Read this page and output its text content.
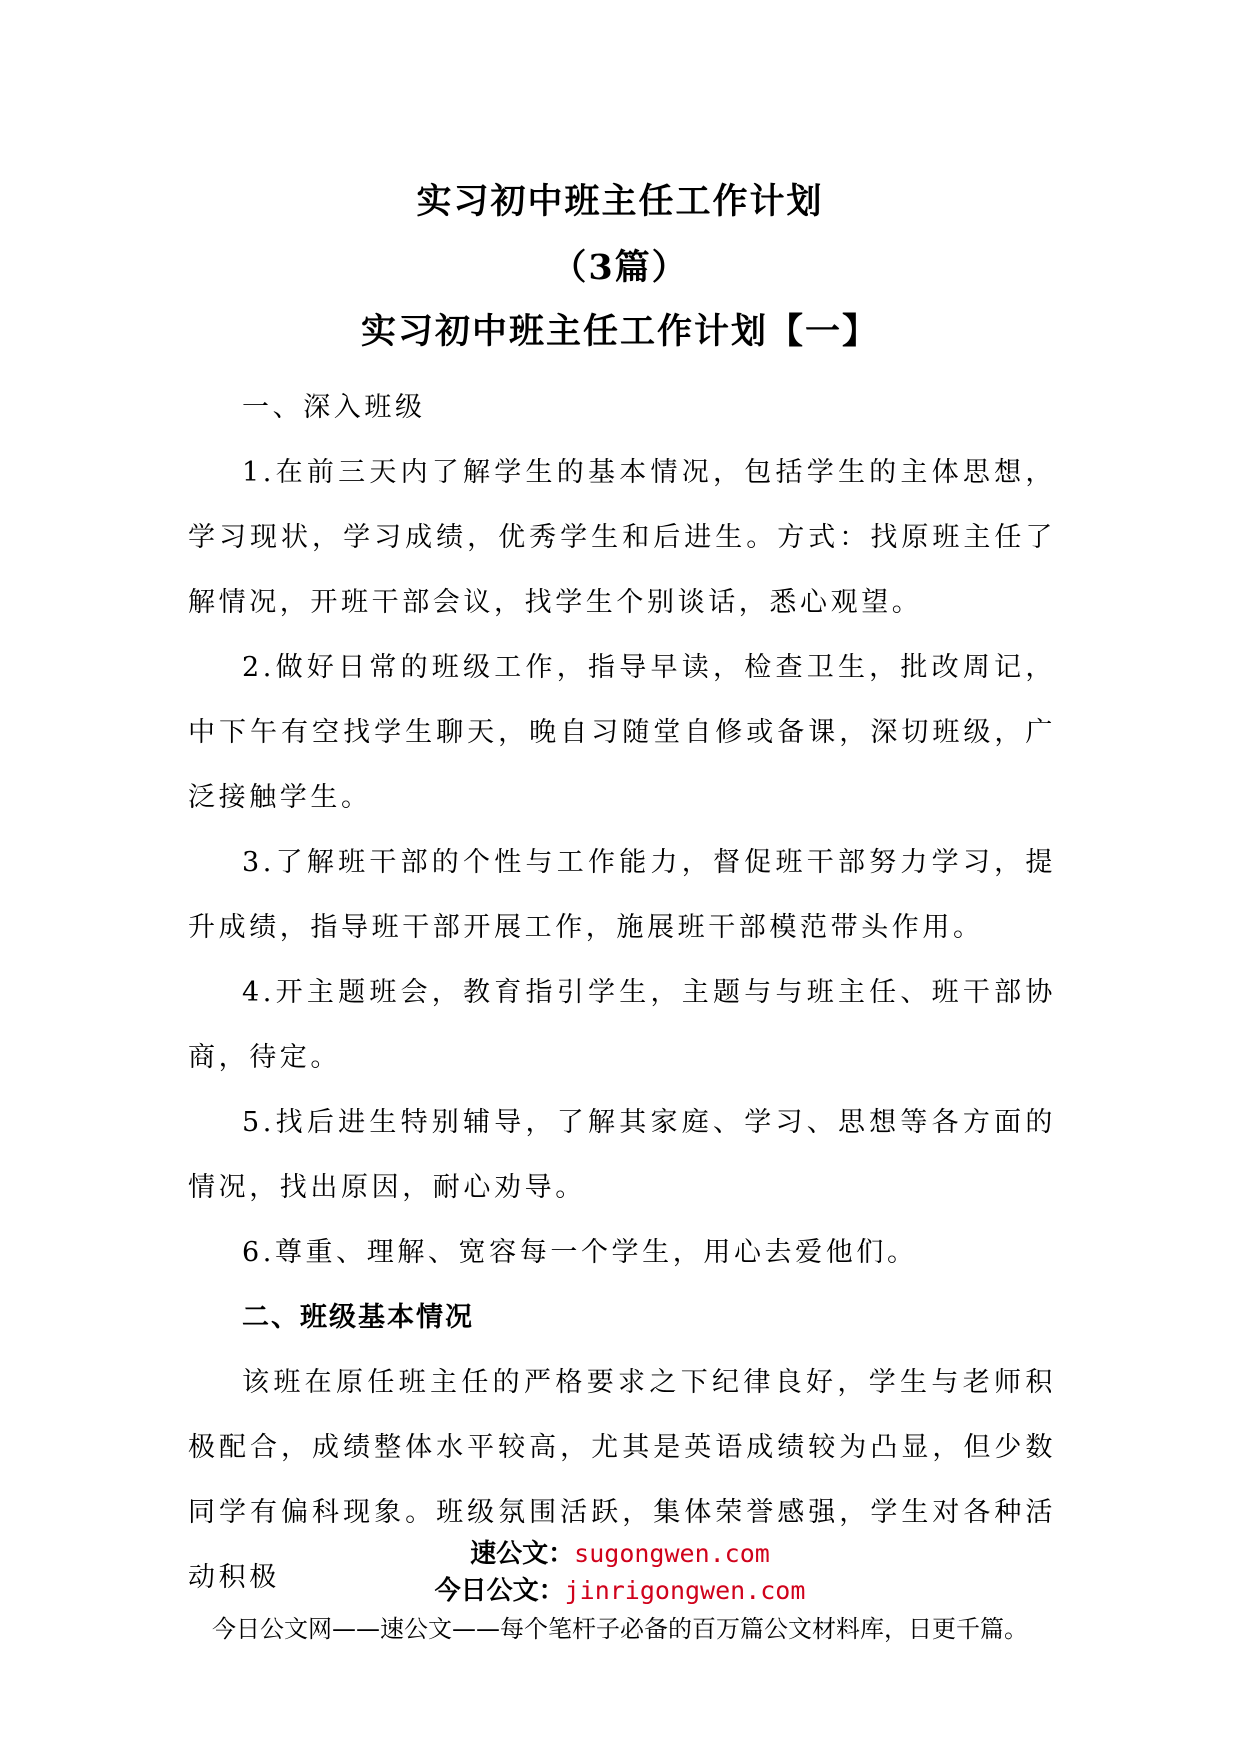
实习初中班主任工作计划
（3篇）
实习初中班主任工作计划【一】

一、深入班级

1.在前三天内了解学生的基本情况，包括学生的主体思想，学习现状，学习成绩，优秀学生和后进生。方式：找原班主任了解情况，开班干部会议，找学生个别谈话，悉心观望。

2.做好日常的班级工作，指导早读，检查卫生，批改周记，中下午有空找学生聊天，晚自习随堂自修或备课，深切班级，广泛接触学生。

3.了解班干部的个性与工作能力，督促班干部努力学习，提升成绩，指导班干部开展工作，施展班干部模范带头作用。

4.开主题班会，教育指引学生，主题与与班主任、班干部协商，待定。

5.找后进生特别辅导，了解其家庭、学习、思想等各方面的情况，找出原因，耐心劝导。

6.尊重、理解、宽容每一个学生，用心去爱他们。

二、班级基本情况

该班在原任班主任的严格要求之下纪律良好，学生与老师积极配合，成绩整体水平较高，尤其是英语成绩较为凸显，但少数同学有偏科现象。班级氛围活跃，集体荣誉感强，学生对各种活动积极

速公文：sugongwen.com

今日公文：jinrigongwen.com

今日公文网——速公文——每个笔杆子必备的百万篇公文材料库，日更千篇。
